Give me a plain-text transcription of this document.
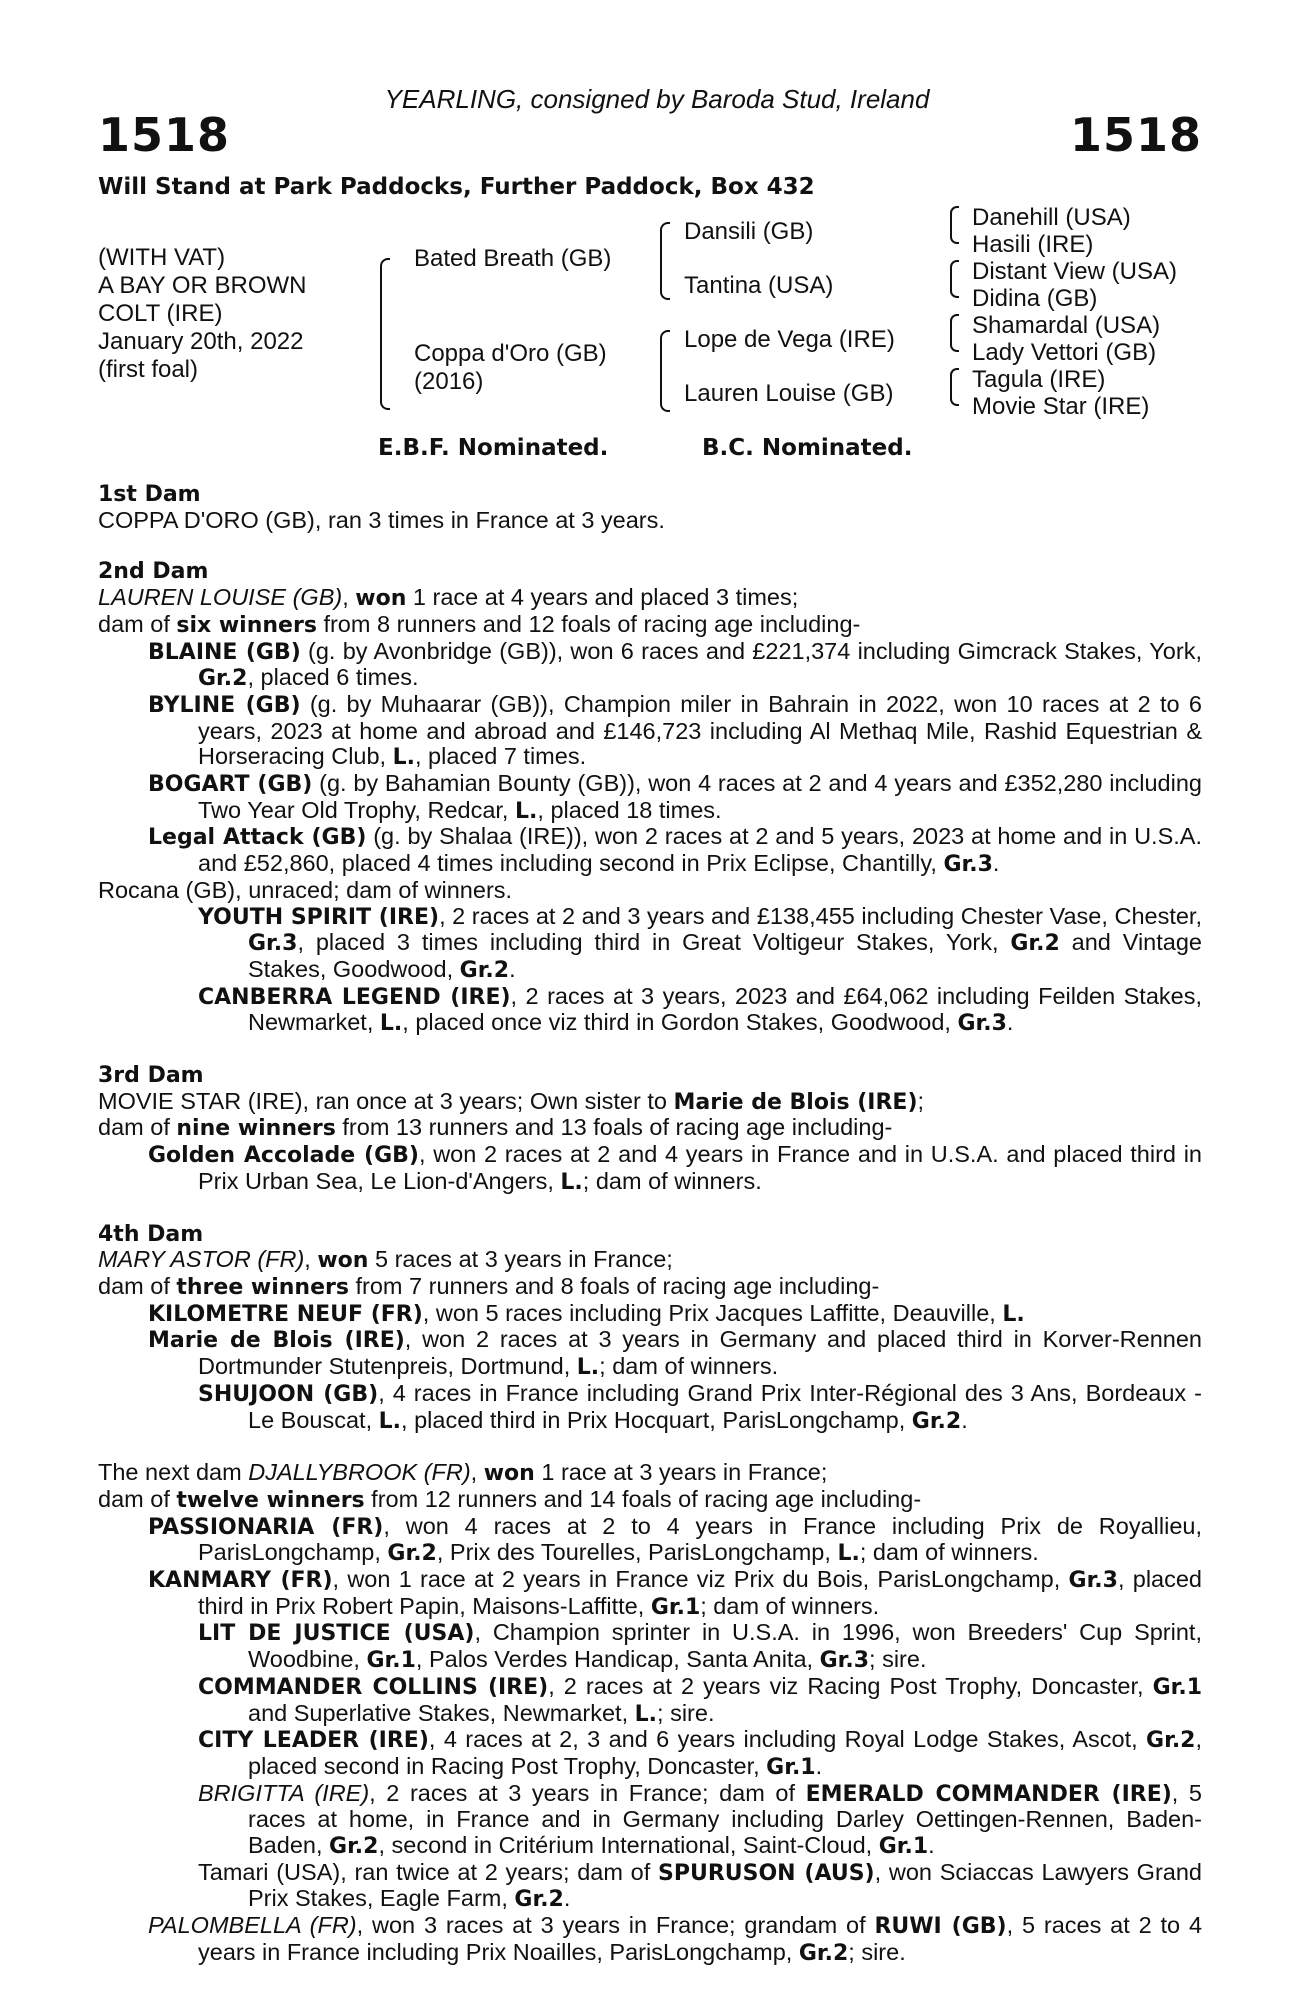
YEARLING, consigned by Baroda Stud, Ireland
1518	1518
Will Stand at Park Paddocks, Further Paddock, Box 432
(WITH VAT)
A BAY OR BROWN
COLT (IRE)
January 20th, 2022
(first foal)
Bated Breath (GB)
Coppa d'Oro (GB)
(2016)
Dansili (GB)
Tantina (USA)
Lope de Vega (IRE)
Lauren Louise (GB)
Danehill (USA)
Hasili (IRE)
Distant View (USA)
Didina (GB)
Shamardal (USA)
Lady Vettori (GB)
Tagula (IRE)
Movie Star (IRE)
E.B.F. Nominated.	B.C. Nominated.

1st Dam

COPPA D'ORO (GB), ran 3 times in France at 3 years.

2nd Dam

LAUREN LOUISE (GB), won 1 race at 4 years and placed 3 times;

dam of six winners from 8 runners and 12 foals of racing age including-

BLAINE (GB) (g. by Avonbridge (GB)), won 6 races and £221,374 including Gimcrack Stakes, York, Gr.2, placed 6 times.

BYLINE (GB) (g. by Muhaarar (GB)), Champion miler in Bahrain in 2022, won 10 races at 2 to 6 years, 2023 at home and abroad and £146,723 including Al Methaq Mile, Rashid Equestrian & Horseracing Club, L., placed 7 times.

BOGART (GB) (g. by Bahamian Bounty (GB)), won 4 races at 2 and 4 years and £352,280 including Two Year Old Trophy, Redcar, L., placed 18 times.

Legal Attack (GB) (g. by Shalaa (IRE)), won 2 races at 2 and 5 years, 2023 at home and in U.S.A. and £52,860, placed 4 times including second in Prix Eclipse, Chantilly, Gr.3.

Rocana (GB), unraced; dam of winners.

YOUTH SPIRIT (IRE), 2 races at 2 and 3 years and £138,455 including Chester Vase, Chester, Gr.3, placed 3 times including third in Great Voltigeur Stakes, York, Gr.2 and Vintage Stakes, Goodwood, Gr.2.

CANBERRA LEGEND (IRE), 2 races at 3 years, 2023 and £64,062 including Feilden Stakes, Newmarket, L., placed once viz third in Gordon Stakes, Goodwood, Gr.3.

3rd Dam

MOVIE STAR (IRE), ran once at 3 years; Own sister to Marie de Blois (IRE);

dam of nine winners from 13 runners and 13 foals of racing age including-

Golden Accolade (GB), won 2 races at 2 and 4 years in France and in U.S.A. and placed third in Prix Urban Sea, Le Lion-d'Angers, L.; dam of winners.

4th Dam

MARY ASTOR (FR), won 5 races at 3 years in France;

dam of three winners from 7 runners and 8 foals of racing age including-

KILOMETRE NEUF (FR), won 5 races including Prix Jacques Laffitte, Deauville, L.

Marie de Blois (IRE), won 2 races at 3 years in Germany and placed third in Korver-Rennen Dortmunder Stutenpreis, Dortmund, L.; dam of winners.

SHUJOON (GB), 4 races in France including Grand Prix Inter-Régional des 3 Ans, Bordeaux - Le Bouscat, L., placed third in Prix Hocquart, ParisLongchamp, Gr.2.

The next dam DJALLYBROOK (FR), won 1 race at 3 years in France;

dam of twelve winners from 12 runners and 14 foals of racing age including-

PASSIONARIA (FR), won 4 races at 2 to 4 years in France including Prix de Royallieu, ParisLongchamp, Gr.2, Prix des Tourelles, ParisLongchamp, L.; dam of winners.

KANMARY (FR), won 1 race at 2 years in France viz Prix du Bois, ParisLongchamp, Gr.3, placed third in Prix Robert Papin, Maisons-Laffitte, Gr.1; dam of winners.

LIT DE JUSTICE (USA), Champion sprinter in U.S.A. in 1996, won Breeders' Cup Sprint, Woodbine, Gr.1, Palos Verdes Handicap, Santa Anita, Gr.3; sire.

COMMANDER COLLINS (IRE), 2 races at 2 years viz Racing Post Trophy, Doncaster, Gr.1 and Superlative Stakes, Newmarket, L.; sire.

CITY LEADER (IRE), 4 races at 2, 3 and 6 years including Royal Lodge Stakes, Ascot, Gr.2, placed second in Racing Post Trophy, Doncaster, Gr.1.

BRIGITTA (IRE), 2 races at 3 years in France; dam of EMERALD COMMANDER (IRE), 5 races at home, in France and in Germany including Darley Oettingen-Rennen, Baden-Baden, Gr.2, second in Critérium International, Saint-Cloud, Gr.1.

Tamari (USA), ran twice at 2 years; dam of SPURUSON (AUS), won Sciaccas Lawyers Grand Prix Stakes, Eagle Farm, Gr.2.

PALOMBELLA (FR), won 3 races at 3 years in France; grandam of RUWI (GB), 5 races at 2 to 4 years in France including Prix Noailles, ParisLongchamp, Gr.2; sire.
